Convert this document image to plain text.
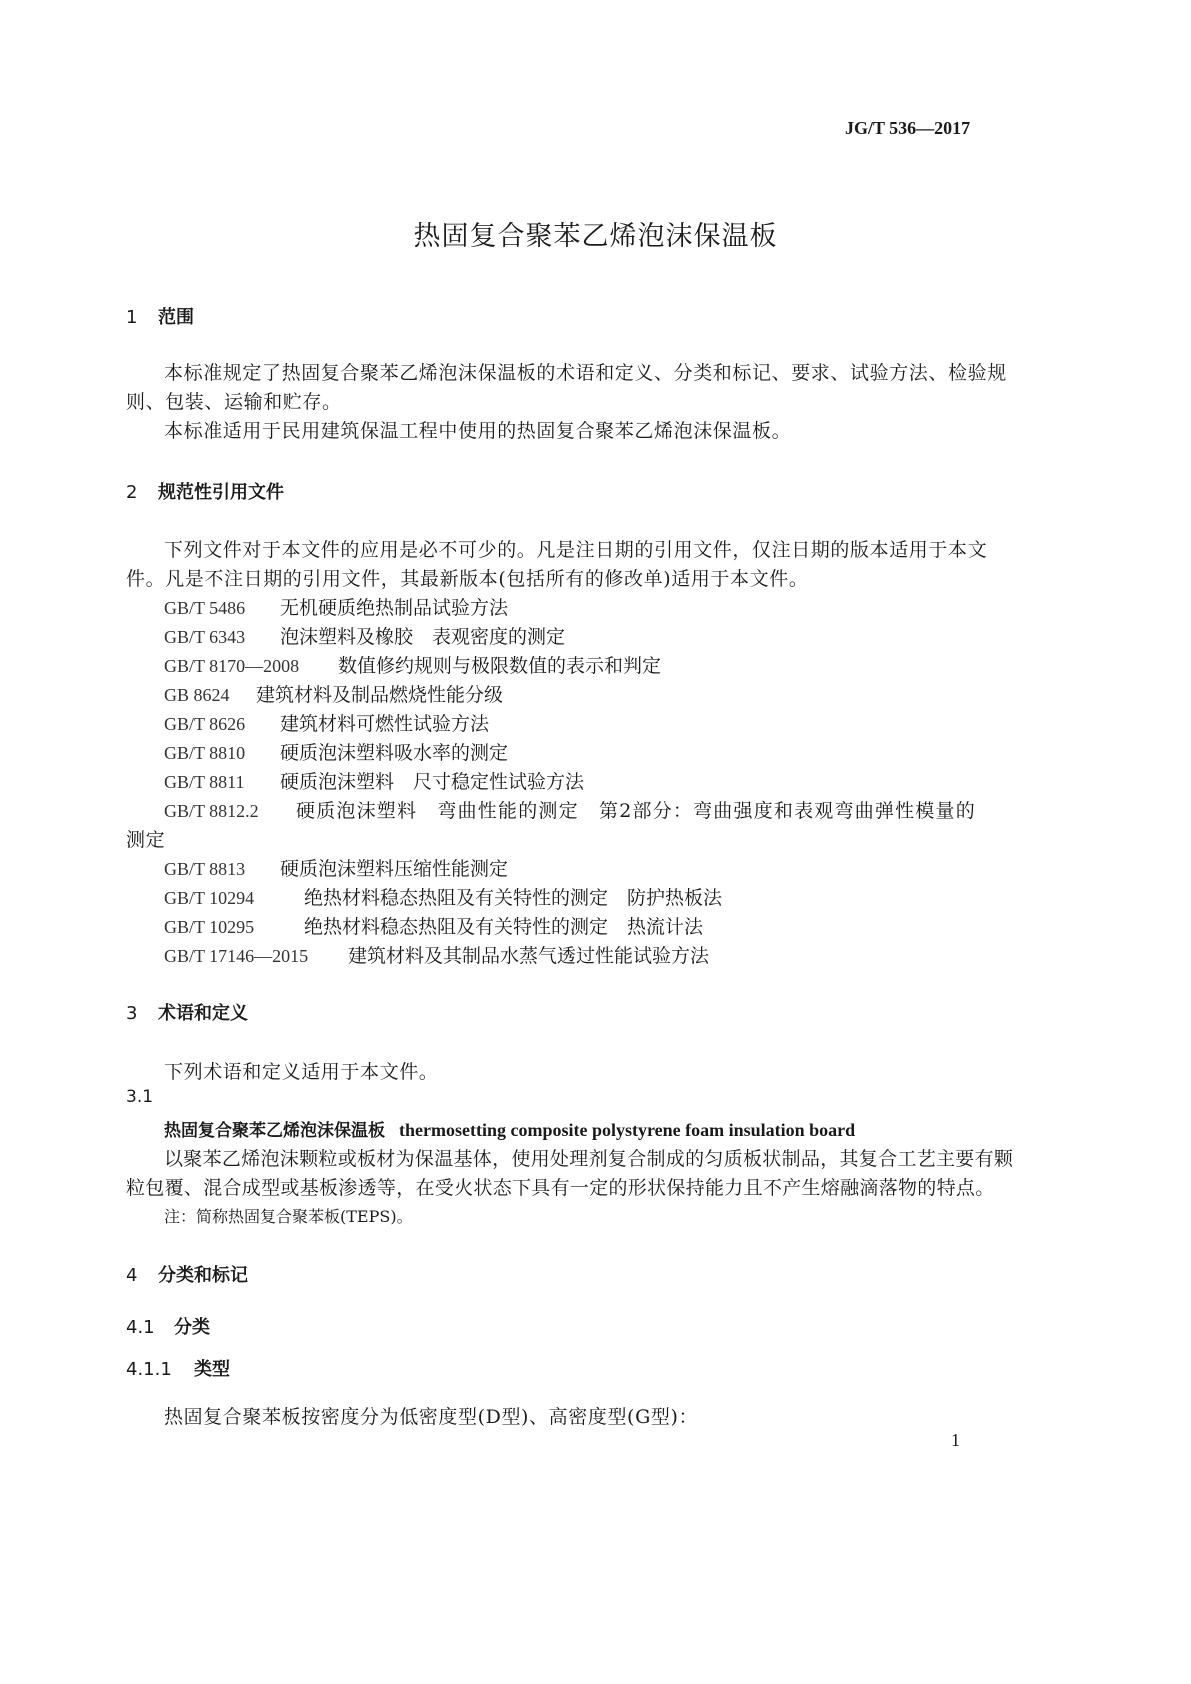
JG/T 536—2017
热固复合聚苯乙烯泡沫保温板
1 范围
本标准规定了热固复合聚苯乙烯泡沫保温板的术语和定义、分类和标记、要求、试验方法、检验规
则、包装、运输和贮存。
本标准适用于民用建筑保温工程中使用的热固复合聚苯乙烯泡沫保温板。
2 规范性引用文件
下列文件对于本文件的应用是必不可少的。凡是注日期的引用文件，仅注日期的版本适用于本文
件。凡是不注日期的引用文件，其最新版本(包括所有的修改单)适用于本文件。
GB/T 5486 无机硬质绝热制品试验方法
GB/T 6343 泡沫塑料及橡胶　表观密度的测定
GB/T 8170—2008 数值修约规则与极限数值的表示和判定
GB 8624 建筑材料及制品燃烧性能分级
GB/T 8626 建筑材料可燃性试验方法
GB/T 8810 硬质泡沫塑料吸水率的测定
GB/T 8811 硬质泡沫塑料　尺寸稳定性试验方法
GB/T 8812.2 硬质泡沫塑料　弯曲性能的测定　第2部分：弯曲强度和表观弯曲弹性模量的
测定
GB/T 8813 硬质泡沫塑料压缩性能测定
GB/T 10294	绝热材料稳态热阻及有关特性的测定　防护热板法
GB/T 10295	绝热材料稳态热阻及有关特性的测定　热流计法
GB/T 17146—2015 建筑材料及其制品水蒸气透过性能试验方法
3 术语和定义
下列术语和定义适用于本文件。
3.1
热固复合聚苯乙烯泡沫保温板 thermosetting composite polystyrene foam insulation board
以聚苯乙烯泡沫颗粒或板材为保温基体，使用处理剂复合制成的匀质板状制品，其复合工艺主要有颗
粒包覆、混合成型或基板渗透等，在受火状态下具有一定的形状保持能力且不产生熔融滴落物的特点。
注：简称热固复合聚苯板(TEPS)。
4 分类和标记
4.1 分类
4.1.1 类型
热固复合聚苯板按密度分为低密度型(D型)、高密度型(G型)：
1
